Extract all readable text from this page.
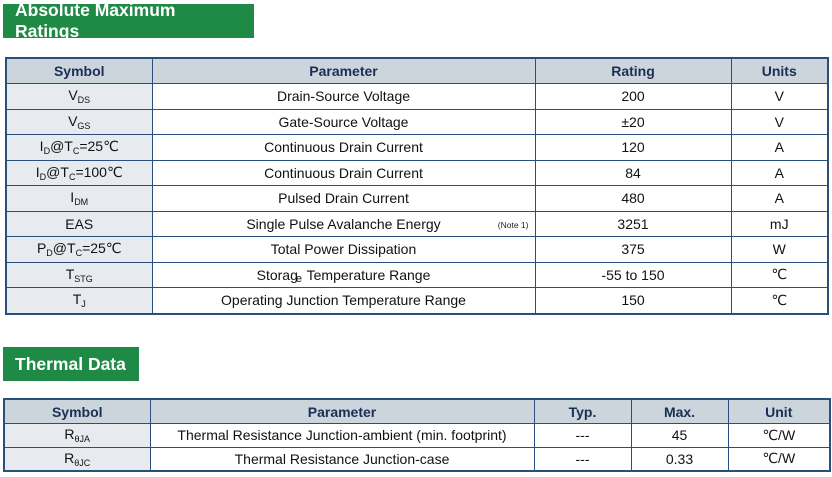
Absolute Maximum Ratings
Symbol	Parameter	Rating	Units
$V_{DS}$	Drain-Source Voltage	200	V
$V_{GS}$	Gate-Source Voltage	±20	V
$I_D@T_C=25℃$	Continuous Drain Current	120	A
$I_D@T_C=100℃$	Continuous Drain Current	84	A
$I_{DM}$	Pulsed Drain Current	480	A
EAS	Single Pulse Avalanche Energy (Note 1)	3251	mJ
$P_D@T_C=25℃$	Total Power Dissipation	375	W
$T_{STG}$	Storage Temperature Range	-55 to 150	℃
$T_J$	Operating Junction Temperature Range	150	℃
Thermal Data
Symbol	Parameter	Typ.	Max.	Unit
$R_{\theta JA}$	Thermal Resistance Junction-ambient (min. footprint)	---	45	℃/W
$R_{\theta JC}$	Thermal Resistance Junction-case	---	0.33	℃/W
